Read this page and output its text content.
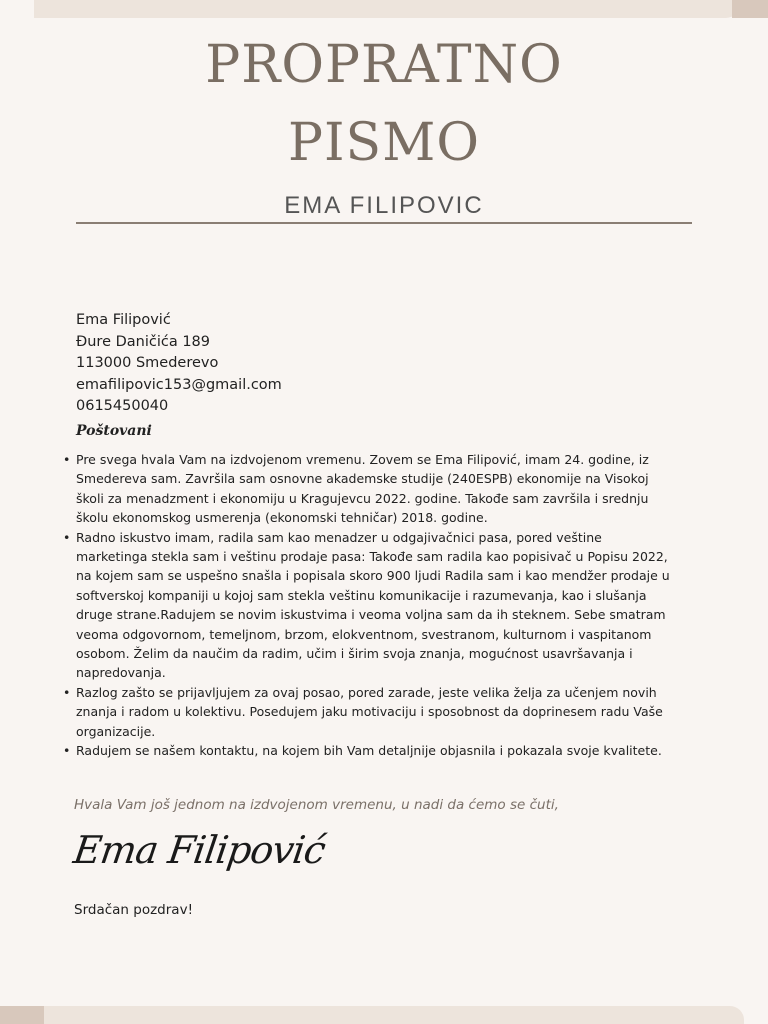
PROPRATNO
PISMO
EMA FILIPOVIC
Ema Filipović
Đure Daničića 189
113000 Smederevo
emafilipovic153@gmail.com
0615450040
Poštovani
• Pre svega hvala Vam na izdvojenom vremenu. Zovem se Ema Filipović, imam 24. godine, iz Smedereva sam. Završila sam osnovne akademske studije (240ESPB) ekonomije na Visokoj školi za menadzment i ekonomiju u Kragujevcu 2022. godine. Takođe sam završila i srednju školu ekonomskog usmerenja (ekonomski tehničar) 2018. godine.
• Radno iskustvo imam, radila sam kao menadzer u odgajivačnici pasa, pored veštine marketinga stekla sam i veštinu prodaje pasa: Takođe sam radila kao popisivač u Popisu 2022, na kojem sam se uspešno snašla i popisala skoro 900 ljudi Radila sam i kao mendžer prodaje u softverskoj kompaniji u kojoj sam stekla veštinu komunikacije i razumevanja, kao i slušanja druge strane.Radujem se novim iskustvima i veoma voljna sam da ih steknem. Sebe smatram veoma odgovornom, temeljnom, brzom, elokventnom, svestranom, kulturnom i vaspitanom osobom. Želim da naučim da radim, učim i širim svoja znanja, mogućnost usavršavanja i napredovanja.
• Razlog zašto se prijavljujem za ovaj posao, pored zarade, jeste velika želja za učenjem novih znanja i radom u kolektivu. Posedujem jaku motivaciju i sposobnost da doprinesem radu Vaše organizacije.
• Radujem se našem kontaktu, na kojem bih Vam detaljnije objasnila i pokazala svoje kvalitete.
Hvala Vam još jednom na izdvojenom vremenu, u nadi da ćemo se čuti,
Ema Filipović
Srdačan pozdrav!
